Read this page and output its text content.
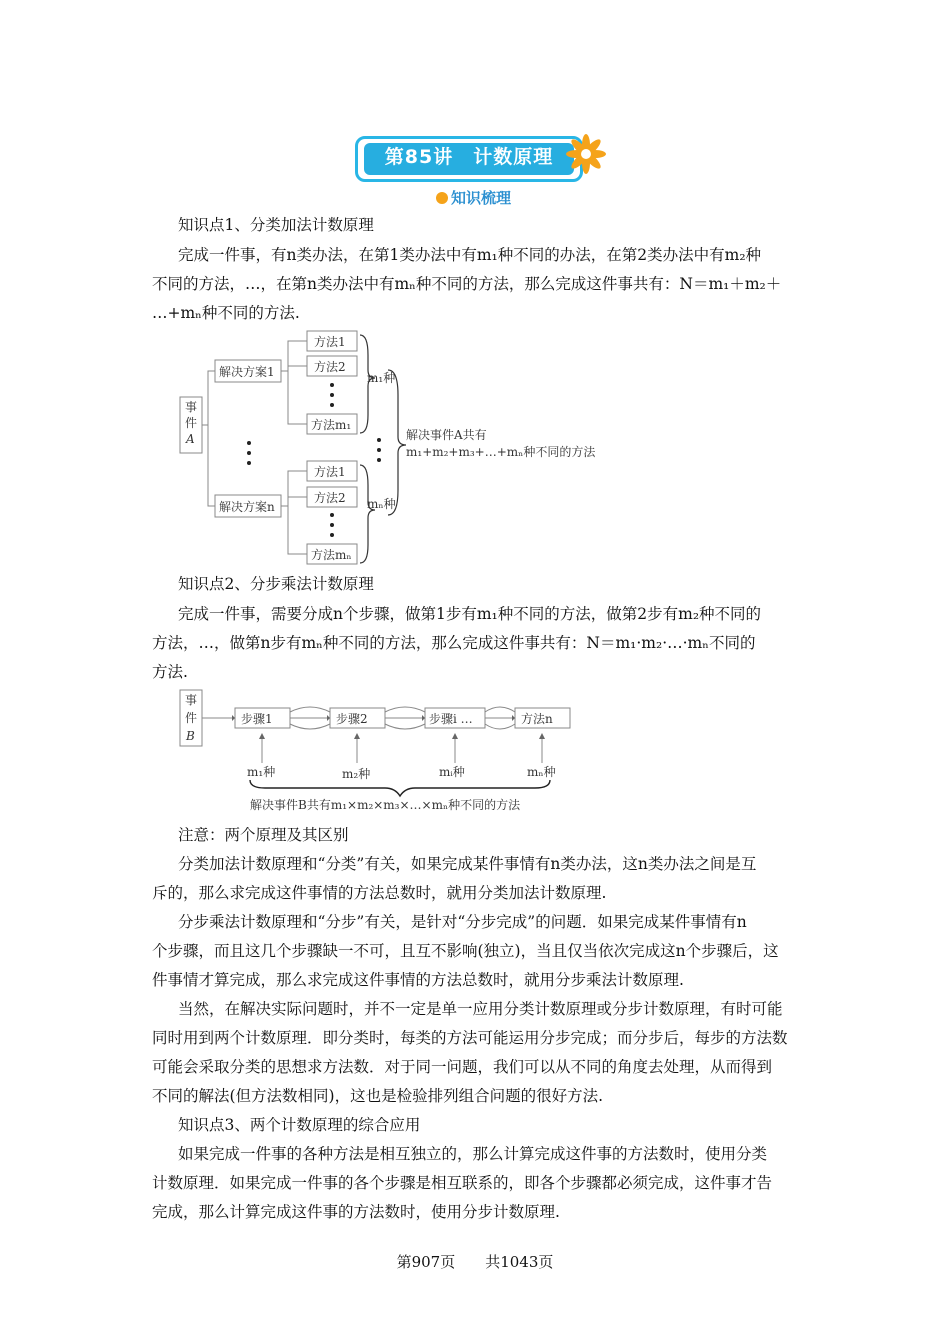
第85讲　计数原理
知识梳理
知识点1、分类加法计数原理
完成一件事，有n类办法，在第1类办法中有m₁种不同的办法，在第2类办法中有m₂种
不同的方法，…，在第n类办法中有mₙ种不同的方法，那么完成这件事共有：N＝m₁＋m₂＋
…+mₙ种不同的方法.
事
件
A
解决方案1
解决方案n
方法1
方法2
方法m₁
方法1
方法2
方法mₙ
m₁种
mₙ种
解决事件A共有
m₁+m₂+m₃+…+mₙ种不同的方法
知识点2、分步乘法计数原理
完成一件事，需要分成n个步骤，做第1步有m₁种不同的方法，做第2步有m₂种不同的
方法，…，做第n步有mₙ种不同的方法，那么完成这件事共有：N＝m₁·m₂·…·mₙ不同的
方法.
事
件
B
步骤1	步骤2	步骤i …	方法n
m₁种	m₂种	mᵢ种	mₙ种
解决事件B共有m₁×m₂×m₃×…×mₙ种不同的方法
注意：两个原理及其区别
分类加法计数原理和“分类”有关，如果完成某件事情有n类办法，这n类办法之间是互
斥的，那么求完成这件事情的方法总数时，就用分类加法计数原理.
分步乘法计数原理和“分步”有关，是针对“分步完成”的问题．如果完成某件事情有n
个步骤，而且这几个步骤缺一不可，且互不影响(独立)，当且仅当依次完成这n个步骤后，这
件事情才算完成，那么求完成这件事情的方法总数时，就用分步乘法计数原理.
当然，在解决实际问题时，并不一定是单一应用分类计数原理或分步计数原理，有时可能
同时用到两个计数原理．即分类时，每类的方法可能运用分步完成；而分步后，每步的方法数
可能会采取分类的思想求方法数．对于同一问题，我们可以从不同的角度去处理，从而得到
不同的解法(但方法数相同)，这也是检验排列组合问题的很好方法.
知识点3、两个计数原理的综合应用
如果完成一件事的各种方法是相互独立的，那么计算完成这件事的方法数时，使用分类
计数原理．如果完成一件事的各个步骤是相互联系的，即各个步骤都必须完成，这件事才告
完成，那么计算完成这件事的方法数时，使用分步计数原理.
第907页　　共1043页
